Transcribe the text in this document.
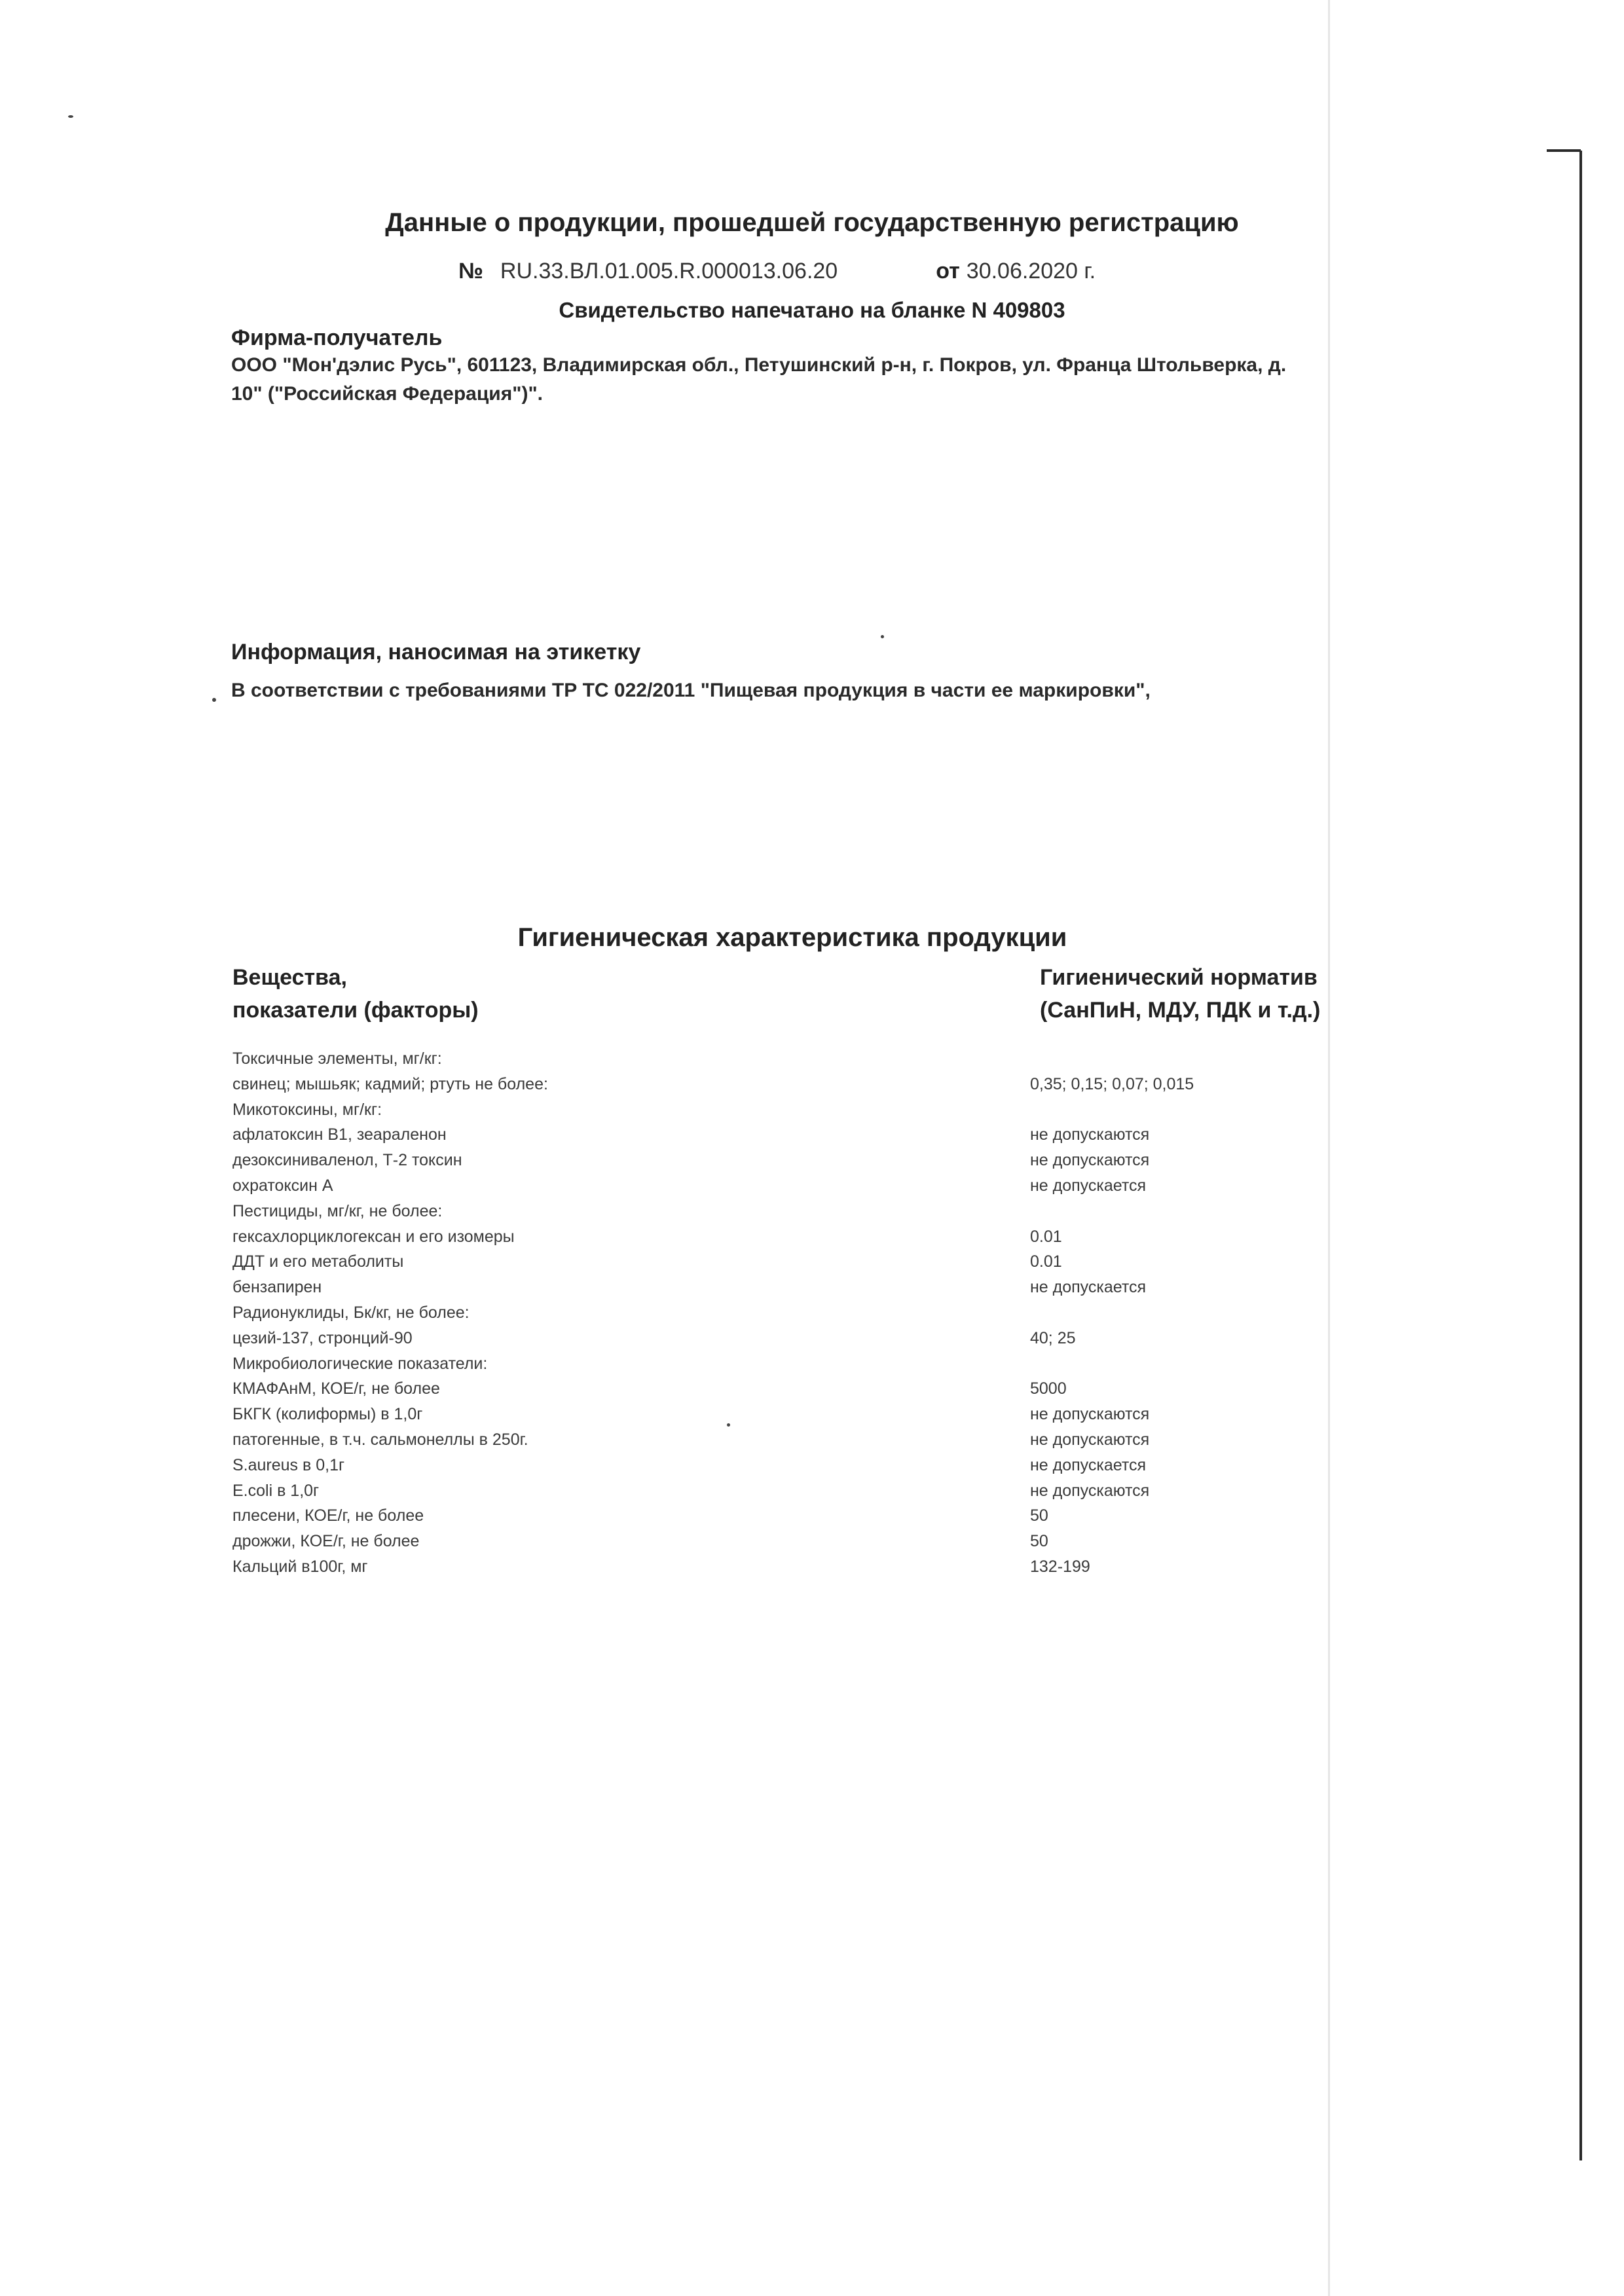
Данные о продукции, прошедшей государственную регистрацию
№ RU.33.ВЛ.01.005.R.000013.06.20	от 30.06.2020 г.
Свидетельство напечатано на бланке N 409803
Фирма-получатель
ООО "Мон'дэлис Русь", 601123, Владимирская обл., Петушинский р-н, г. Покров, ул. Франца Штольверка, д. 10" ("Российская Федерация")".
Информация, наносимая на этикетку
В соответствии с требованиями ТР ТС 022/2011 "Пищевая продукция в части ее маркировки",
Гигиеническая характеристика продукции
Вещества,
показатели (факторы)
Гигиенический норматив
(СанПиН, МДУ, ПДК и т.д.)
Токсичные элементы, мг/кг:
свинец; мышьяк; кадмий; ртуть не более:	0,35; 0,15; 0,07; 0,015
Микотоксины, мг/кг:
афлатоксин В1, зеараленон	не допускаются
дезоксиниваленол, Т-2 токсин	не допускаются
охратоксин А	не допускается
Пестициды, мг/кг, не более:
гексахлорциклогексан и его изомеры	0.01
ДДТ и его метаболиты	0.01
бензапирен	не допускается
Радионуклиды, Бк/кг, не более:
цезий-137, стронций-90	40; 25
Микробиологические показатели:
КМАФАнМ, КОЕ/г, не более	5000
БКГК (колиформы) в 1,0г	не допускаются
патогенные, в т.ч. сальмонеллы в 250г.	не допускаются
S.aureus в 0,1г	не допускается
E.coli в 1,0г	не допускаются
плесени, КОЕ/г, не более	50
дрожжи, КОЕ/г, не более	50
Кальций в100г, мг	132-199
